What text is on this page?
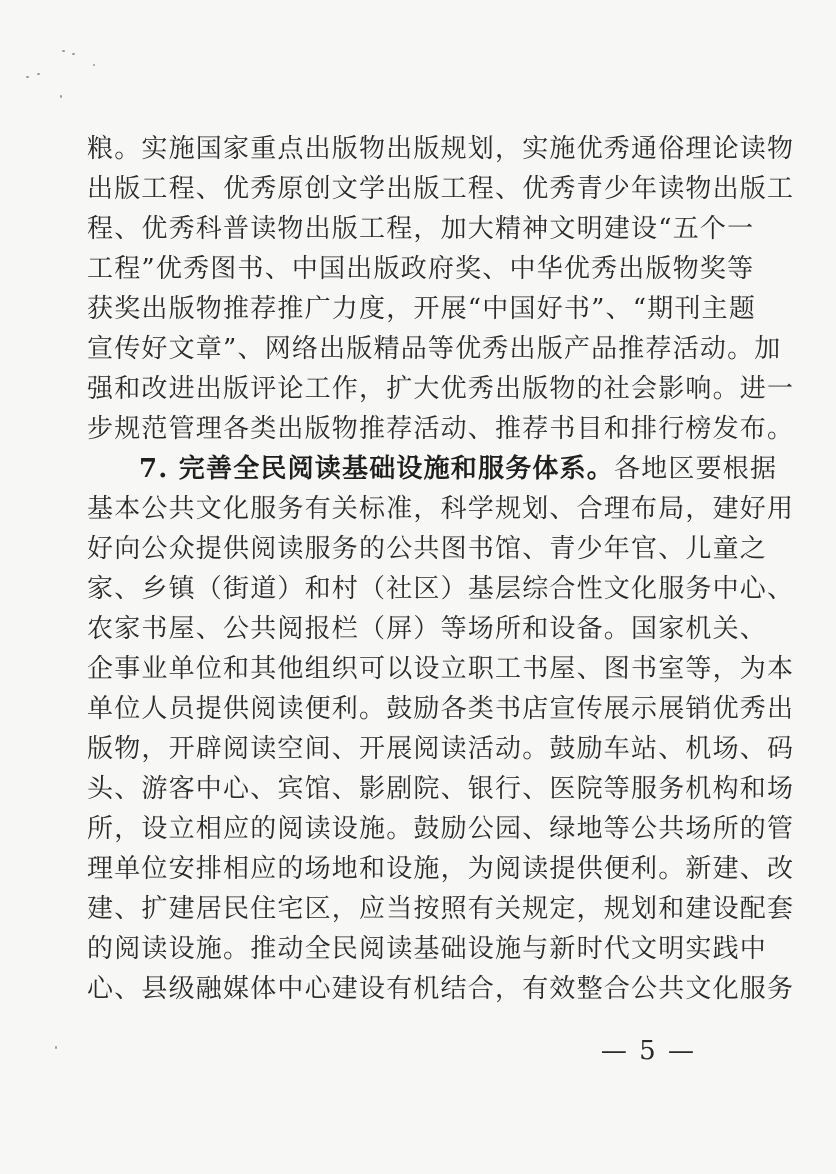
粮。实施国家重点出版物出版规划，实施优秀通俗理论读物
出版工程、优秀原创文学出版工程、优秀青少年读物出版工
程、优秀科普读物出版工程，加大精神文明建设“五个一
工程”优秀图书、中国出版政府奖、中华优秀出版物奖等
获奖出版物推荐推广力度，开展“中国好书”、“期刊主题
宣传好文章”、网络出版精品等优秀出版产品推荐活动。加
强和改进出版评论工作，扩大优秀出版物的社会影响。进一
步规范管理各类出版物推荐活动、推荐书目和排行榜发布。
7. 完善全民阅读基础设施和服务体系。各地区要根据
基本公共文化服务有关标准，科学规划、合理布局，建好用
好向公众提供阅读服务的公共图书馆、青少年官、儿童之
家、乡镇（街道）和村（社区）基层综合性文化服务中心、
农家书屋、公共阅报栏（屏）等场所和设备。国家机关、
企事业单位和其他组织可以设立职工书屋、图书室等，为本
单位人员提供阅读便利。鼓励各类书店宣传展示展销优秀出
版物，开辟阅读空间、开展阅读活动。鼓励车站、机场、码
头、游客中心、宾馆、影剧院、银行、医院等服务机构和场
所，设立相应的阅读设施。鼓励公园、绿地等公共场所的管
理单位安排相应的场地和设施，为阅读提供便利。新建、改
建、扩建居民住宅区，应当按照有关规定，规划和建设配套
的阅读设施。推动全民阅读基础设施与新时代文明实践中
心、县级融媒体中心建设有机结合，有效整合公共文化服务
— 5 —
